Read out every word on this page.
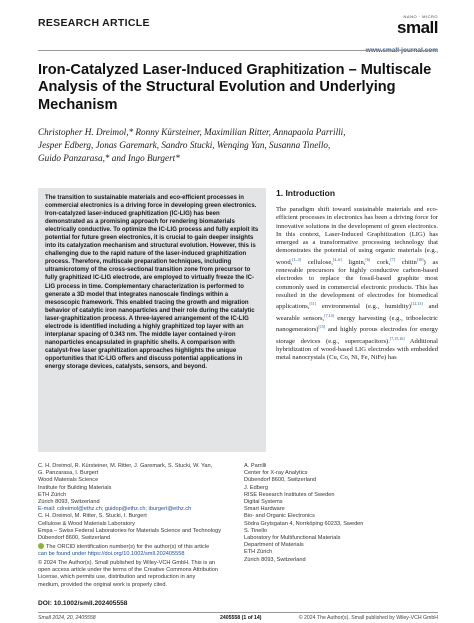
RESEARCH ARTICLE
NANO · MICRO
small
Iron-Catalyzed Laser-Induced Graphitization – Multiscale Analysis of the Structural Evolution and Underlying Mechanism
Christopher H. Dreimol,* Ronny Kürsteiner, Maximilian Ritter, Annapaola Parrilli,
Jesper Edberg, Jonas Garemark, Sandro Stucki, Wenqing Yan, Susanna Tinello,
Guido Panzarasa,* and Ingo Burgert*

The transition to sustainable materials and eco-efficient processes in commercial electronics is a driving force in developing green electronics. Iron-catalyzed laser-induced graphitization (IC-LIG) has been demonstrated as a promising approach for rendering biomaterials electrically conductive. To optimize the IC-LIG process and fully exploit its potential for future green electronics, it is crucial to gain deeper insights into its catalyzation mechanism and structural evolution. However, this is challenging due to the rapid nature of the laser-induced graphitization process. Therefore, multiscale preparation techniques, including ultramicrotomy of the cross-sectional transition zone from precursor to fully graphitized IC-LIG electrode, are employed to virtually freeze the IC-LIG process in time. Complementary characterization is performed to generate a 3D model that integrates nanoscale findings within a mesoscopic framework. This enabled tracing the growth and migration behavior of catalytic iron nanoparticles and their role during the catalytic laser-graphitization process. A three-layered arrangement of the IC-LIG electrode is identified including a highly graphitized top layer with an interplanar spacing of 0.343 nm. The middle layer contained γ-iron nanoparticles encapsulated in graphitic shells. A comparison with catalyst-free laser graphitization approaches highlights the unique opportunities that IC-LIG offers and discuss potential applications in energy storage devices, catalysts, sensors, and beyond.

1. Introduction

The paradigm shift toward sustainable materials and eco-efficient processes in electronics has been a driving force for innovative solutions in the development of green electronics. In this context, Laser-Induced Graphitization (LIG) has emerged as a transformative processing technology that demonstrates the potential of using organic materials (e.g., wood,[1–3] cellulose,[4–6] lignin,[6] cork,[7] chitin[10]) as renewable precursors for highly conductive carbon-based electrodes to replace the fossil-based graphite most commonly used in commercial electronic products. This has resulted in the development of electrodes for biomedical applications,[11] environmental (e.g., humidity)[12,13] and wearable sensors,[7,14] energy harvesting (e.g., triboelectric nanogenerators)[15] and highly porous electrodes for energy storage devices (e.g., supercapacitors).[7,15,16] Additional hybridization of wood-based LIG electrodes with embedded metal nanocrystals (Cu, Co, Ni, Fe, NiFe) has

C. H. Dreimol, R. Kürsteiner, M. Ritter, J. Garemark, S. Stucki, W. Yan,
G. Panzarasa, I. Burgert
Wood Materials Science
Institute for Building Materials
ETH Zürich
Zürich 8093, Switzerland
E-mail: cdreimol@ethz.ch; guidop@ethz.ch; iburgert@ethz.ch
C. H. Dreimol, M. Ritter, S. Stucki, I. Burgert
Cellulose & Wood Materials Laboratory
Empa – Swiss Federal Laboratories for Materials Science and Technology
Dübendorf 8600, Switzerland
A. Parrilli
Center for X-ray Analytics
Dübendorf 8600, Switzerland
J. Edberg
RISE Research Institutes of Sweden
Digital Systems
Smart Hardware
Bio- and Organic Electronics
Södra Grytsgatan 4, Norrköping 60233, Sweden
S. Tinello
Laboratory for Multifunctional Materials
Department of Materials
ETH Zürich
Zürich 8093, Switzerland
The ORCID identification number(s) for the author(s) of this article
can be found under https://doi.org/10.1002/smll.202405558
© 2024 The Author(s). Small published by Wiley-VCH GmbH. This is an
open access article under the terms of the Creative Commons Attribution
License, which permits use, distribution and reproduction in any
medium, provided the original work is properly cited.
DOI: 10.1002/smll.202405558
Small 2024, 20, 2405558	2405558 (1 of 14)	© 2024 The Author(s). Small published by Wiley-VCH GmbH
